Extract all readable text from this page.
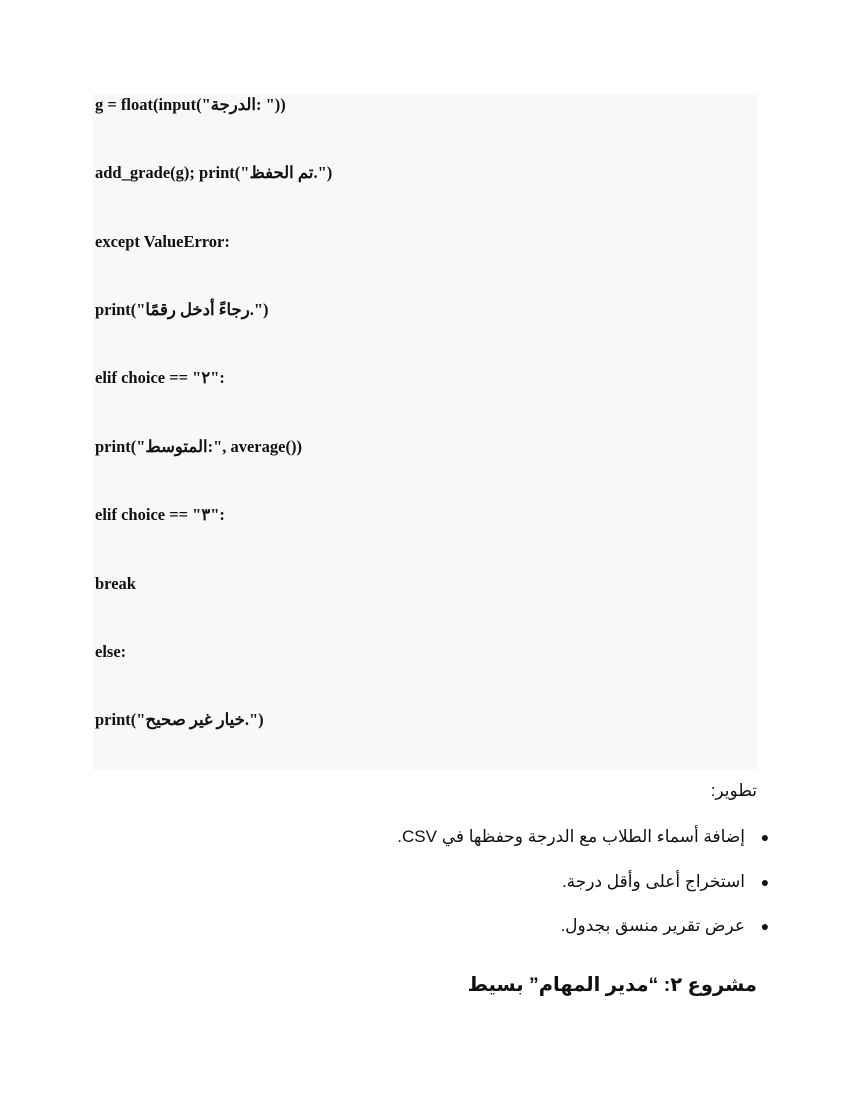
g = float(input("الدرجة: "))
add_grade(g); print("تم الحفظ.")
except ValueError:
print("رجاءً أدخل رقمًا.")
elif choice == "٢":
print("المتوسط:", average())
elif choice == "٣":
break
else:
print("خيار غير صحيح.")
تطوير:
●
إضافة أسماء الطلاب مع الدرجة وحفظها في CSV.
●
استخراج أعلى وأقل درجة.
●
عرض تقرير منسق بجدول.
مشروع ٢: “مدير المهام” بسيط
